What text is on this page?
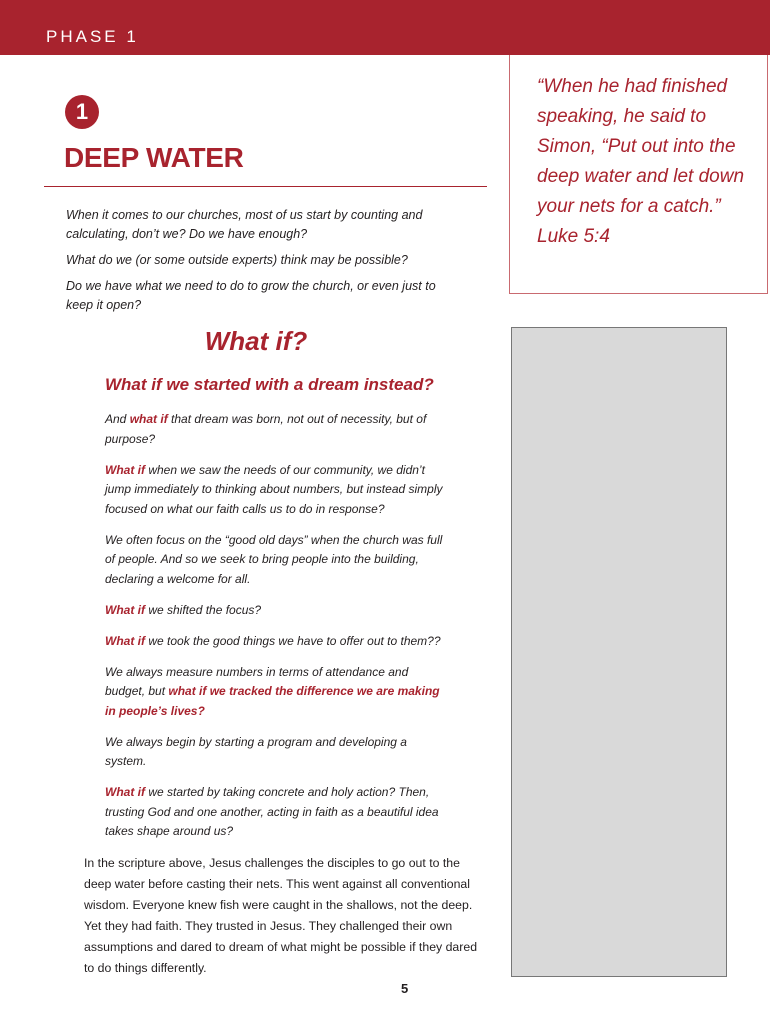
PHASE 1
1
DEEP WATER

When it comes to our churches, most of us start by counting and calculating, don’t we? Do we have enough?

What do we (or some outside experts) think may be possible?

Do we have what we need to do to grow the church, or even just to keep it open?

“When he had finished speaking, he said to Simon, “Put out into the deep water and let down your nets for a catch.”
Luke 5:4
What if?
What if we started with a dream instead?

And what if that dream was born, not out of necessity, but of purpose?

What if when we saw the needs of our community, we didn’t jump immediately to thinking about numbers, but instead simply focused on what our faith calls us to do in response?

We often focus on the “good old days” when the church was full of people. And so we seek to bring people into the building, declaring a welcome for all.

What if we shifted the focus?

What if we took the good things we have to offer out to them??

We always measure numbers in terms of attendance and budget, but what if we tracked the difference we are making in people’s lives?

We always begin by starting a program and developing a system.

What if we started by taking concrete and holy action? Then, trusting God and one another, acting in faith as a beautiful idea takes shape around us?

In the scripture above, Jesus challenges the disciples to go out to the deep water before casting their nets. This went against all conventional wisdom. Everyone knew fish were caught in the shallows, not the deep. Yet they had faith. They trusted in Jesus. They challenged their own assumptions and dared to dream of what might be possible if they dared to do things differently.
5
